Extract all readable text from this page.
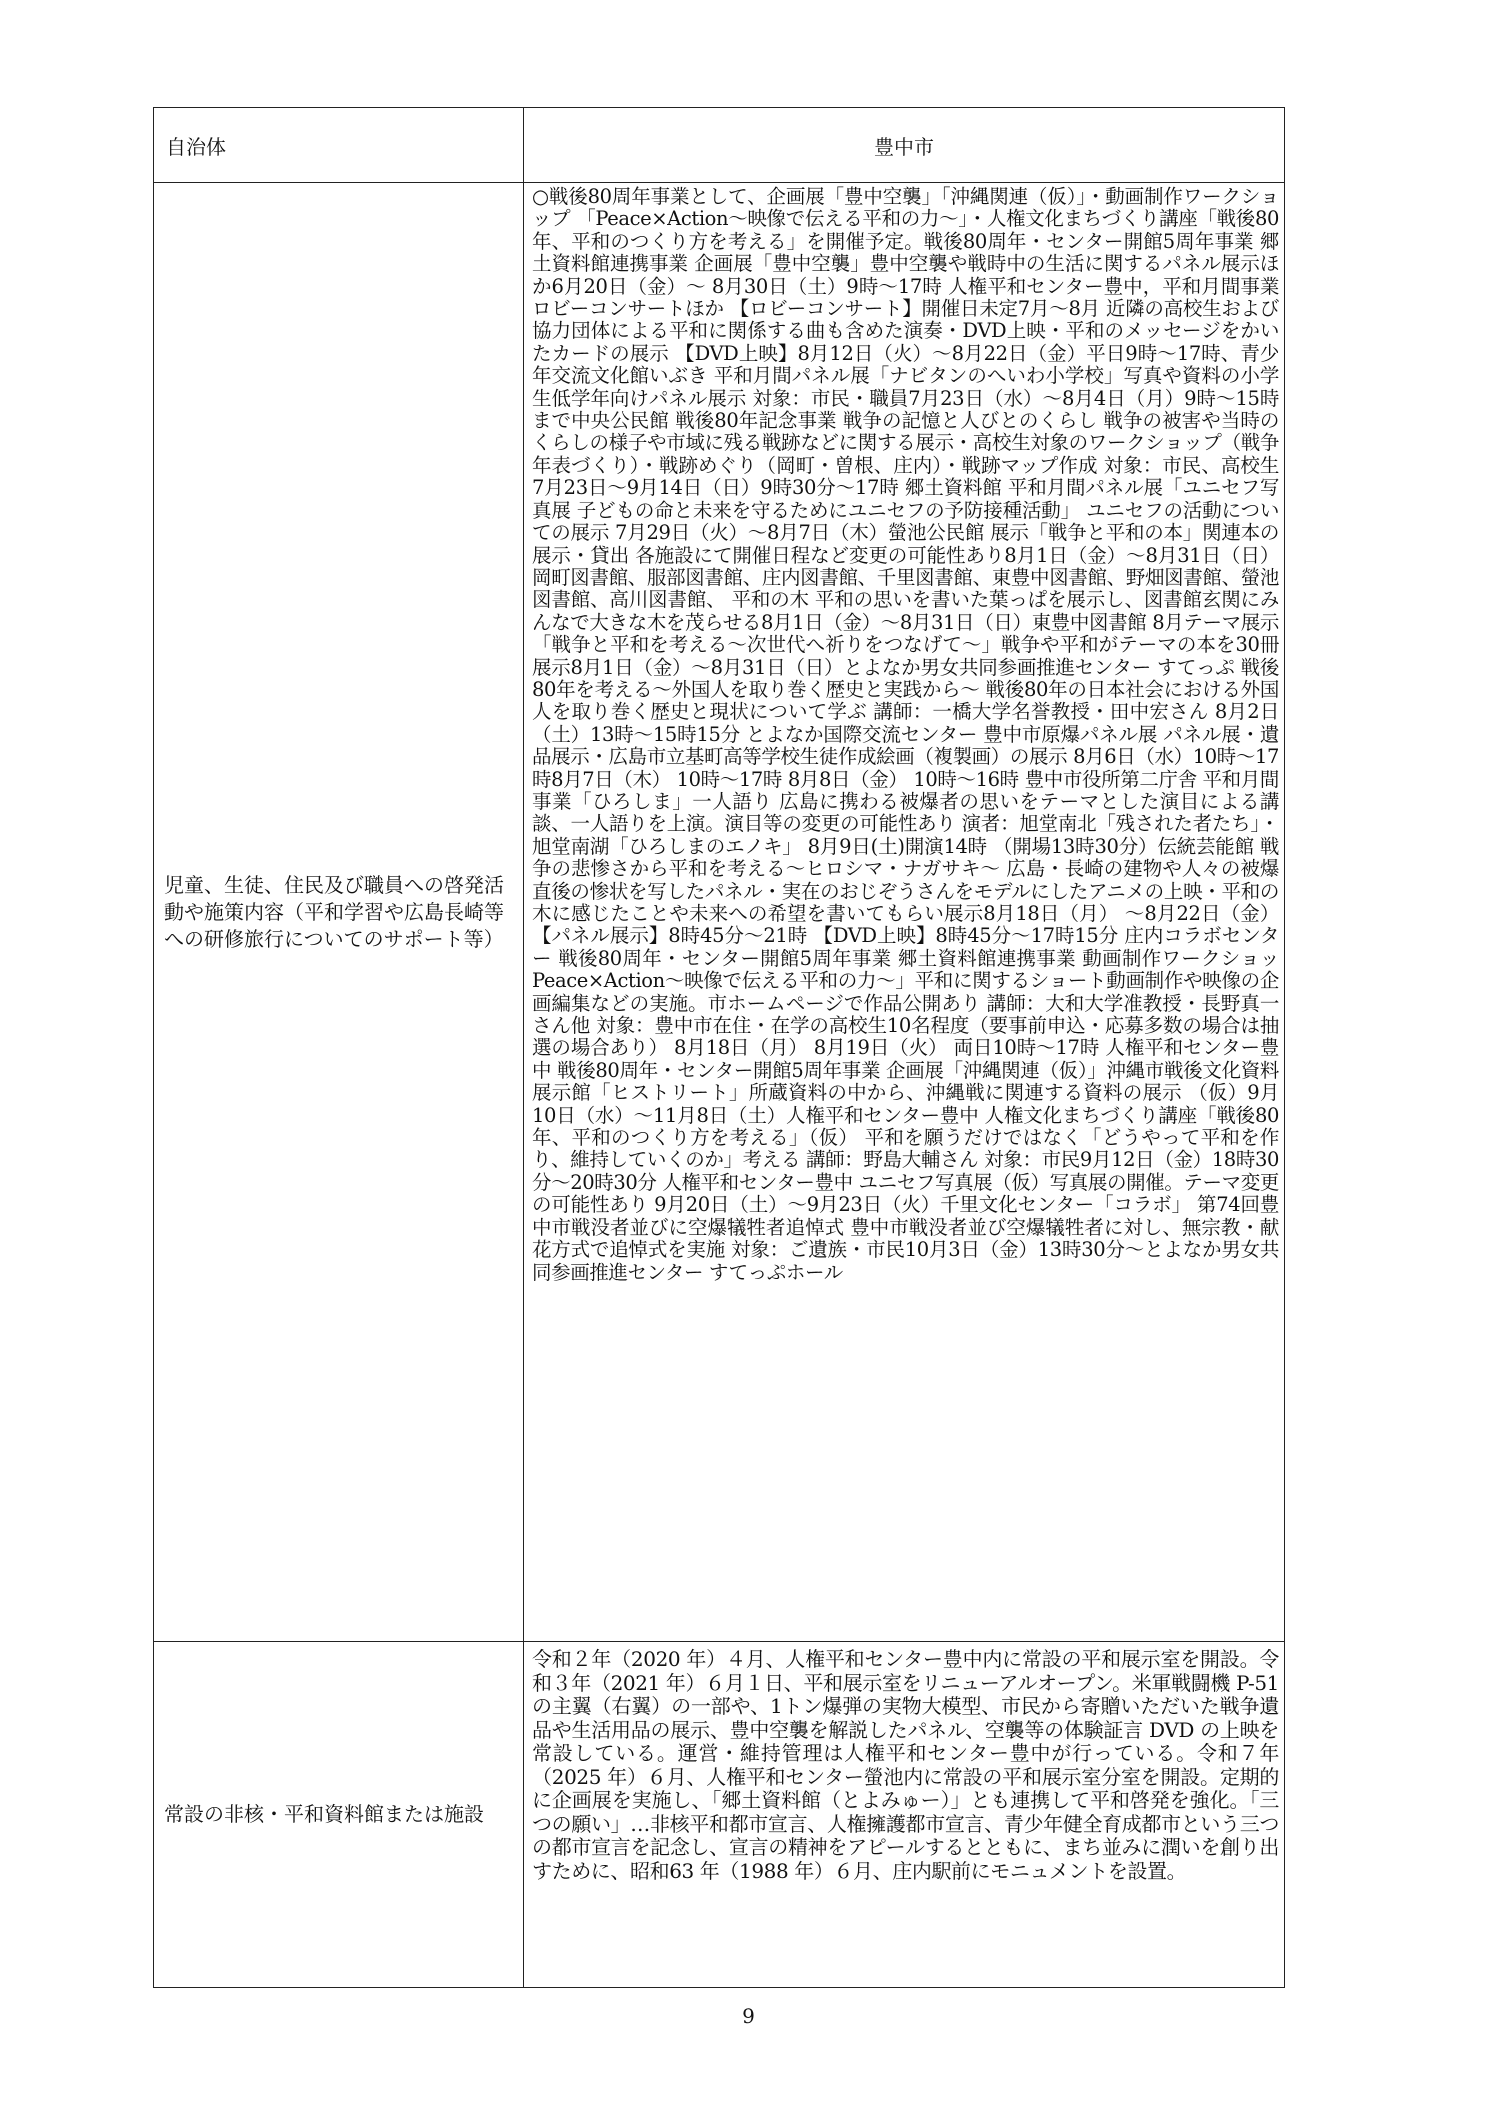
自治体	豊中市
児童、生徒、住民及び職員への啓発活動や施策内容（平和学習や広島長崎等への研修旅行についてのサポート等）	○戦後80周年事業として、企画展「豊中空襲」「沖縄関連（仮）」・動画制作ワークショップ 「Peace×Action～映像で伝える平和の力～」・人権文化まちづくり講座「戦後80年、平和のつくり方を考える」を開催予定。戦後80周年・センター開館5周年事業 郷土資料館連携事業 企画展「豊中空襲」豊中空襲や戦時中の生活に関するパネル展示ほか6月20日（金）～ 8月30日（土）9時～17時 人権平和センター豊中，平和月間事業ロビーコンサートほか 【ロビーコンサート】開催日未定7月～8月 近隣の高校生および協力団体による平和に関係する曲も含めた演奏・DVD上映・平和のメッセージをかいたカードの展示 【DVD上映】8月12日（火）～8月22日（金）平日9時～17時、青少年交流文化館いぶき 平和月間パネル展「ナビタンのへいわ小学校」写真や資料の小学生低学年向けパネル展示 対象：市民・職員7月23日（水）～8月4日（月）9時～15時まで中央公民館 戦後80年記念事業 戦争の記憶と人びとのくらし 戦争の被害や当時のくらしの様子や市域に残る戦跡などに関する展示・高校生対象のワークショップ（戦争年表づくり）・戦跡めぐり（岡町・曽根、庄内）・戦跡マップ作成 対象：市民、高校生 7月23日～9月14日（日）9時30分～17時 郷土資料館 平和月間パネル展「ユニセフ写真展 子どもの命と未来を守るためにユニセフの予防接種活動」 ユニセフの活動についての展示 7月29日（火）～8月7日（木）螢池公民館 展示「戦争と平和の本」関連本の展示・貸出 各施設にて開催日程など変更の可能性あり8月1日（金）～8月31日（日）岡町図書館、服部図書館、庄内図書館、千里図書館、東豊中図書館、野畑図書館、螢池図書館、高川図書館、 平和の木 平和の思いを書いた葉っぱを展示し、図書館玄関にみんなで大きな木を茂らせる8月1日（金）～8月31日（日）東豊中図書館 8月テーマ展示「戦争と平和を考える～次世代へ祈りをつなげて～」戦争や平和がテーマの本を30冊展示8月1日（金）～8月31日（日）とよなか男女共同参画推進センター すてっぷ 戦後80年を考える～外国人を取り巻く歴史と実践から～ 戦後80年の日本社会における外国人を取り巻く歴史と現状について学ぶ 講師：一橋大学名誉教授・田中宏さん 8月2日（土）13時～15時15分 とよなか国際交流センター 豊中市原爆パネル展 パネル展・遺品展示・広島市立基町高等学校生徒作成絵画（複製画）の展示 8月6日（水）10時～17時8月7日（木） 10時～17時 8月8日（金） 10時～16時 豊中市役所第二庁舎 平和月間事業「ひろしま」一人語り 広島に携わる被爆者の思いをテーマとした演目による講談、一人語りを上演。演目等の変更の可能性あり 演者：旭堂南北「残された者たち」・旭堂南湖「ひろしまのエノキ」 8月9日(土)開演14時 （開場13時30分）伝統芸能館 戦争の悲惨さから平和を考える～ヒロシマ・ナガサキ～ 広島・長崎の建物や人々の被爆直後の惨状を写したパネル・実在のおじぞうさんをモデルにしたアニメの上映・平和の木に感じたことや未来への希望を書いてもらい展示8月18日（月） ～8月22日（金）【パネル展示】8時45分～21時 【DVD上映】8時45分～17時15分 庄内コラボセンター 戦後80周年・センター開館5周年事業 郷土資料館連携事業 動画制作ワークショッPeace×Action～映像で伝える平和の力～」平和に関するショート動画制作や映像の企画編集などの実施。市ホームページで作品公開あり 講師：大和大学准教授・長野真一さん他 対象：豊中市在住・在学の高校生10名程度（要事前申込・応募多数の場合は抽選の場合あり） 8月18日（月） 8月19日（火） 両日10時～17時 人権平和センター豊中 戦後80周年・センター開館5周年事業 企画展「沖縄関連（仮）」沖縄市戦後文化資料展示館「ヒストリート」所蔵資料の中から、沖縄戦に関連する資料の展示 （仮）9月10日（水）～11月8日（土）人権平和センター豊中 人権文化まちづくり講座「戦後80年、平和のつくり方を考える」（仮） 平和を願うだけではなく「どうやって平和を作り、維持していくのか」考える 講師：野島大輔さん 対象：市民9月12日（金）18時30分～20時30分 人権平和センター豊中 ユニセフ写真展（仮）写真展の開催。テーマ変更の可能性あり 9月20日（土）～9月23日（火）千里文化センター「コラボ」 第74回豊中市戦没者並びに空爆犠牲者追悼式 豊中市戦没者並び空爆犠牲者に対し、無宗教・献花方式で追悼式を実施 対象：ご遺族・市民10月3日（金）13時30分～とよなか男女共同参画推進センター すてっぷホール
常設の非核・平和資料館または施設	令和２年（2020 年）４月、人権平和センター豊中内に常設の平和展示室を開設。令和３年（2021 年）６月１日、平和展示室をリニューアルオープン。米軍戦闘機 P-51 の主翼（右翼）の一部や、1トン爆弾の実物大模型、市民から寄贈いただいた戦争遺品や生活用品の展示、豊中空襲を解説したパネル、空襲等の体験証言 DVD の上映を常設している。運営・維持管理は人権平和センター豊中が行っている。令和７年（2025 年）６月、人権平和センター螢池内に常設の平和展示室分室を開設。定期的に企画展を実施し、「郷土資料館（とよみゅー）」とも連携して平和啓発を強化。「三つの願い」…非核平和都市宣言、人権擁護都市宣言、青少年健全育成都市という三つの都市宣言を記念し、宣言の精神をアピールするとともに、まち並みに潤いを創り出すために、昭和63 年（1988 年）６月、庄内駅前にモニュメントを設置。
9
